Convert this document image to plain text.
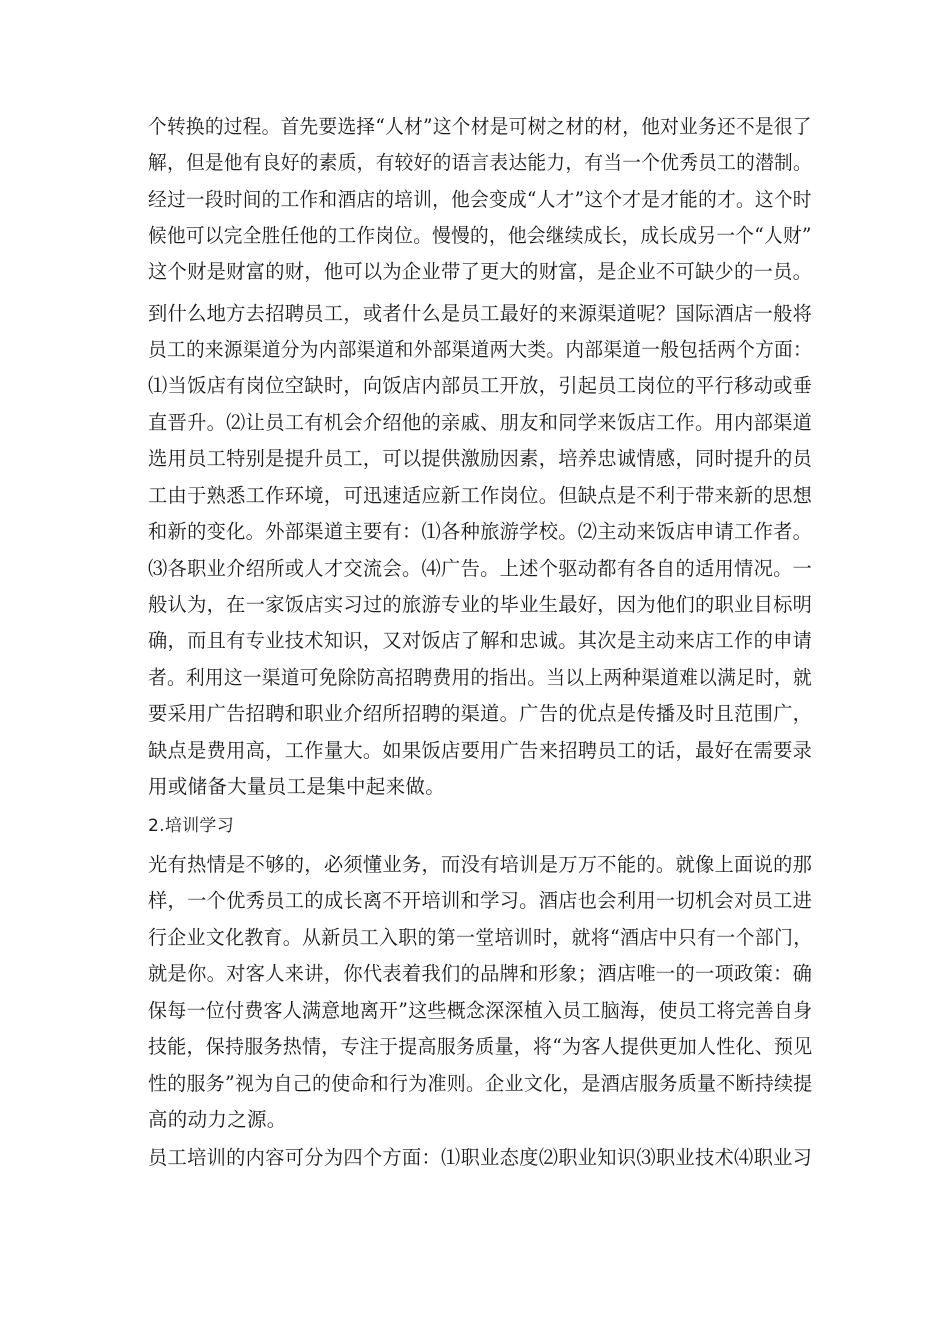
个转换的过程。首先要选择“人材”这个材是可树之材的材，他对业务还不是很了
解，但是他有良好的素质，有较好的语言表达能力，有当一个优秀员工的潜制。
经过一段时间的工作和酒店的培训，他会变成“人才”这个才是才能的才。这个时
候他可以完全胜任他的工作岗位。慢慢的，他会继续成长，成长成另一个“人财”
这个财是财富的财，他可以为企业带了更大的财富，是企业不可缺少的一员。
到什么地方去招聘员工，或者什么是员工最好的来源渠道呢？国际酒店一般将
员工的来源渠道分为内部渠道和外部渠道两大类。内部渠道一般包括两个方面：
⑴当饭店有岗位空缺时，向饭店内部员工开放，引起员工岗位的平行移动或垂
直晋升。⑵让员工有机会介绍他的亲戚、朋友和同学来饭店工作。用内部渠道
选用员工特别是提升员工，可以提供激励因素，培养忠诚情感，同时提升的员
工由于熟悉工作环境，可迅速适应新工作岗位。但缺点是不利于带来新的思想
和新的变化。外部渠道主要有：⑴各种旅游学校。⑵主动来饭店申请工作者。
⑶各职业介绍所或人才交流会。⑷广告。上述个驱动都有各自的适用情况。一
般认为，在一家饭店实习过的旅游专业的毕业生最好，因为他们的职业目标明
确，而且有专业技术知识，又对饭店了解和忠诚。其次是主动来店工作的申请
者。利用这一渠道可免除防高招聘费用的指出。当以上两种渠道难以满足时，就
要采用广告招聘和职业介绍所招聘的渠道。广告的优点是传播及时且范围广，
缺点是费用高，工作量大。如果饭店要用广告来招聘员工的话，最好在需要录
用或储备大量员工是集中起来做。
2.培训学习
光有热情是不够的，必须懂业务，而没有培训是万万不能的。就像上面说的那
样，一个优秀员工的成长离不开培训和学习。酒店也会利用一切机会对员工进
行企业文化教育。从新员工入职的第一堂培训时，就将“酒店中只有一个部门，
就是你。对客人来讲，你代表着我们的品牌和形象；酒店唯一的一项政策：确
保每一位付费客人满意地离开”这些概念深深植入员工脑海，使员工将完善自身
技能，保持服务热情，专注于提高服务质量，将“为客人提供更加人性化、预见
性的服务”视为自己的使命和行为准则。企业文化，是酒店服务质量不断持续提
高的动力之源。
员工培训的内容可分为四个方面：⑴职业态度⑵职业知识⑶职业技术⑷职业习
